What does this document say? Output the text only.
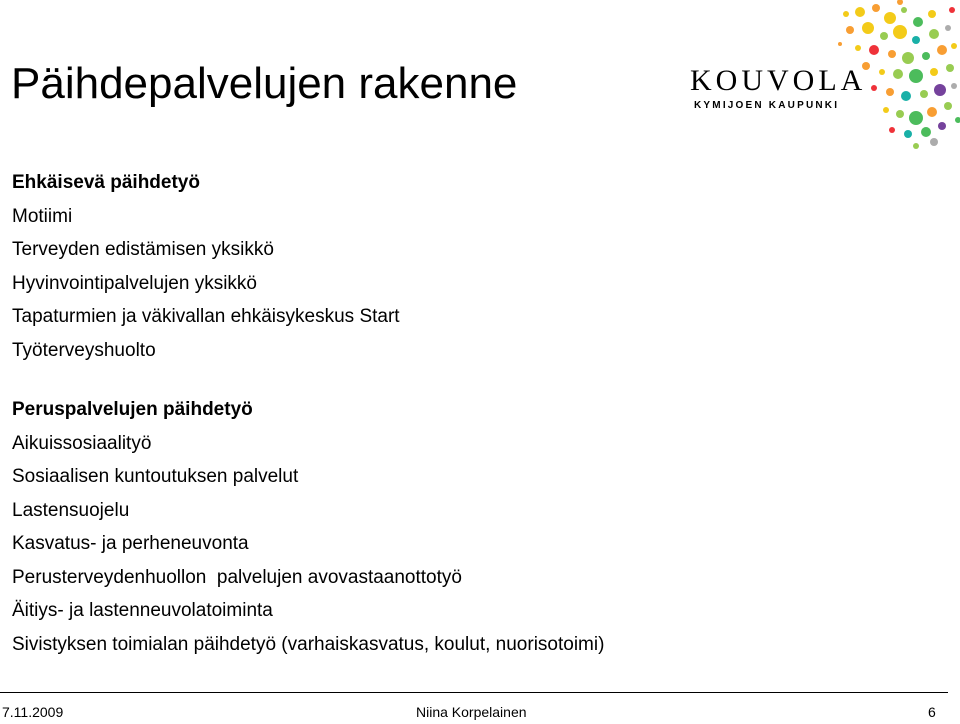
Päihdepalvelujen rakenne	KOUVOLA
KYMIJOEN KAUPUNKI
Ehkäisevä päihdetyö
Motiimi
Terveyden edistämisen yksikkö
Hyvinvointipalvelujen yksikkö
Tapaturmien ja väkivallan ehkäisykeskus Start
Työterveyshuolto
Peruspalvelujen päihdetyö
Aikuissosiaalityö
Sosiaalisen kuntoutuksen palvelut
Lastensuojelu
Kasvatus- ja perheneuvonta
Perusterveydenhuollon  palvelujen avovastaanottotyö
Äitiys- ja lastenneuvolatoiminta
Sivistyksen toimialan päihdetyö (varhaiskasvatus, koulut, nuorisotoimi)
7.11.2009	Niina Korpelainen	6
